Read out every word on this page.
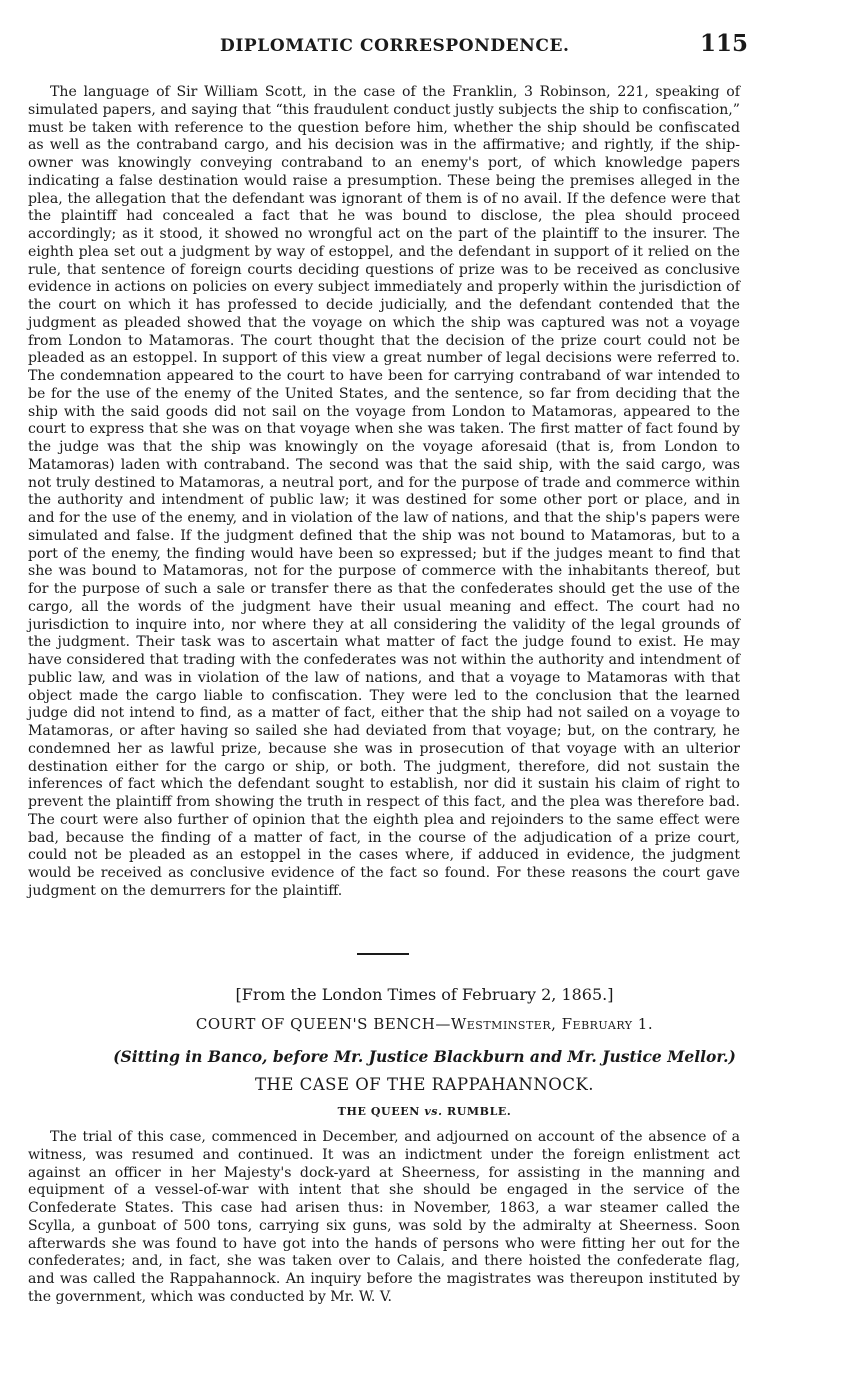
DIPLOMATIC CORRESPONDENCE.	115

The language of Sir William Scott, in the case of the Franklin, 3 Robinson, 221, speaking of simulated papers, and saying that “this fraudulent conduct justly subjects the ship to confiscation,” must be taken with reference to the question before him, whether the ship should be confiscated as well as the contraband cargo, and his decision was in the affirmative; and rightly, if the ship-owner was knowingly conveying contraband to an enemy's port, of which knowledge papers indicating a false destination would raise a presumption. These being the premises alleged in the plea, the allegation that the defendant was ignorant of them is of no avail. If the defence were that the plaintiff had concealed a fact that he was bound to disclose, the plea should proceed accordingly; as it stood, it showed no wrongful act on the part of the plaintiff to the insurer. The eighth plea set out a judgment by way of estoppel, and the defendant in support of it relied on the rule, that sentence of foreign courts deciding questions of prize was to be received as conclusive evidence in actions on policies on every subject immediately and properly within the jurisdiction of the court on which it has professed to decide judicially, and the defendant contended that the judgment as pleaded showed that the voyage on which the ship was captured was not a voyage from London to Matamoras. The court thought that the decision of the prize court could not be pleaded as an estoppel. In support of this view a great number of legal decisions were referred to. The condemnation appeared to the court to have been for carrying contraband of war intended to be for the use of the enemy of the United States, and the sentence, so far from deciding that the ship with the said goods did not sail on the voyage from London to Matamoras, appeared to the court to express that she was on that voyage when she was taken. The first matter of fact found by the judge was that the ship was knowingly on the voyage aforesaid (that is, from London to Matamoras) laden with contraband. The second was that the said ship, with the said cargo, was not truly destined to Matamoras, a neutral port, and for the purpose of trade and commerce within the authority and intendment of public law; it was destined for some other port or place, and in and for the use of the enemy, and in violation of the law of nations, and that the ship's papers were simulated and false. If the judgment defined that the ship was not bound to Matamoras, but to a port of the enemy, the finding would have been so expressed; but if the judges meant to find that she was bound to Matamoras, not for the purpose of commerce with the inhabitants thereof, but for the purpose of such a sale or transfer there as that the confederates should get the use of the cargo, all the words of the judgment have their usual meaning and effect. The court had no jurisdiction to inquire into, nor where they at all considering the validity of the legal grounds of the judgment. Their task was to ascertain what matter of fact the judge found to exist. He may have considered that trading with the confederates was not within the authority and intendment of public law, and was in violation of the law of nations, and that a voyage to Matamoras with that object made the cargo liable to confiscation. They were led to the conclusion that the learned judge did not intend to find, as a matter of fact, either that the ship had not sailed on a voyage to Matamoras, or after having so sailed she had deviated from that voyage; but, on the contrary, he condemned her as lawful prize, because she was in prosecution of that voyage with an ulterior destination either for the cargo or ship, or both. The judgment, therefore, did not sustain the inferences of fact which the defendant sought to establish, nor did it sustain his claim of right to prevent the plaintiff from showing the truth in respect of this fact, and the plea was therefore bad. The court were also further of opinion that the eighth plea and rejoinders to the same effect were bad, because the finding of a matter of fact, in the course of the adjudication of a prize court, could not be pleaded as an estoppel in the cases where, if adduced in evidence, the judgment would be received as conclusive evidence of the fact so found. For these reasons the court gave judgment on the demurrers for the plaintiff.

[From the London Times of February 2, 1865.]
COURT OF QUEEN'S BENCH—Westminster, February 1.
(Sitting in Banco, before Mr. Justice Blackburn and Mr. Justice Mellor.)
THE CASE OF THE RAPPAHANNOCK.
THE QUEEN vs. RUMBLE.

The trial of this case, commenced in December, and adjourned on account of the absence of a witness, was resumed and continued. It was an indictment under the foreign enlistment act against an officer in her Majesty's dock-yard at Sheerness, for assisting in the manning and equipment of a vessel-of-war with intent that she should be engaged in the service of the Confederate States. This case had arisen thus: in November, 1863, a war steamer called the Scylla, a gunboat of 500 tons, carrying six guns, was sold by the admiralty at Sheerness. Soon afterwards she was found to have got into the hands of persons who were fitting her out for the confederates; and, in fact, she was taken over to Calais, and there hoisted the confederate flag, and was called the Rappahannock. An inquiry before the magistrates was thereupon instituted by the government, which was conducted by Mr. W. V.
